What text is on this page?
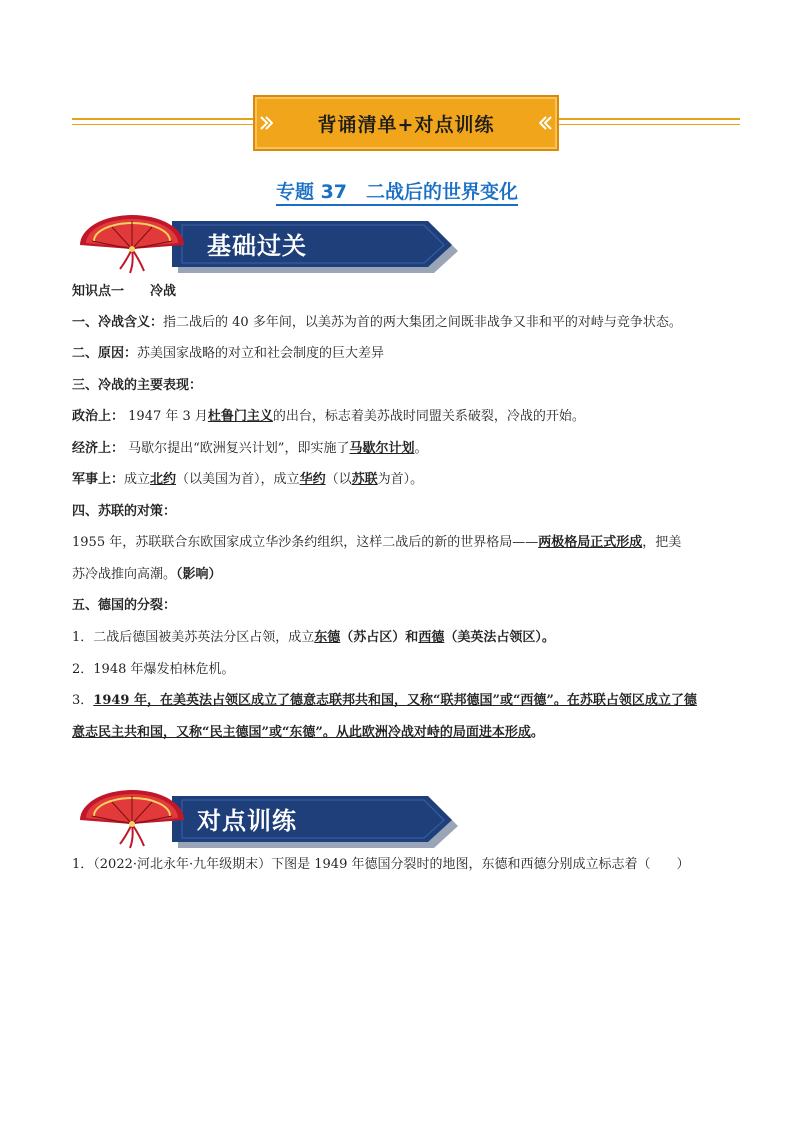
背诵清单+对点训练
专题 37　二战后的世界变化
基础过关
知识点一　　冷战
一、冷战含义：指二战后的 40 多年间，以美苏为首的两大集团之间既非战争又非和平的对峙与竞争状态。
二、原因：苏美国家战略的对立和社会制度的巨大差异
三、冷战的主要表现：
政治上： 1947 年 3 月杜鲁门主义的出台，标志着美苏战时同盟关系破裂，冷战的开始。
经济上： 马歇尔提出“欧洲复兴计划”，即实施了马歇尔计划。
军事上：成立北约（以美国为首），成立华约（以苏联为首）。
四、苏联的对策：
1955 年，苏联联合东欧国家成立华沙条约组织，这样二战后的新的世界格局——两极格局正式形成，把美
苏冷战推向高潮。（影响）
五、德国的分裂：
1．二战后德国被美苏英法分区占领，成立东德（苏占区）和西德（美英法占领区）。
2．1948 年爆发柏林危机。
3．1949 年，在美英法占领区成立了德意志联邦共和国，又称“联邦德国”或“西德”。在苏联占领区成立了德
意志民主共和国，又称“民主德国”或“东德”。从此欧洲冷战对峙的局面进本形成。
对点训练
1．（2022·河北永年·九年级期末）下图是 1949 年德国分裂时的地图，东德和西德分别成立标志着（　　）
